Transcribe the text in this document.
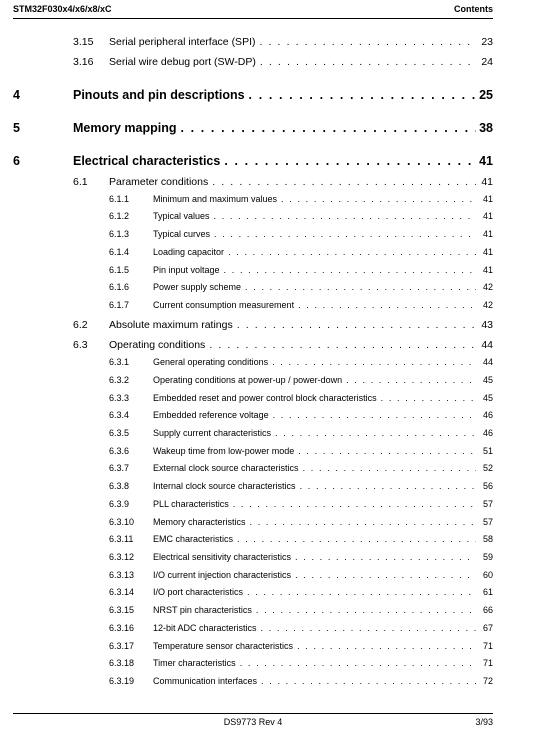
STM32F030x4/x6/x8/xC	Contents
3.15 Serial peripheral interface (SPI) . . .	23
3.16 Serial wire debug port (SW-DP) . . .	24
4	Pinouts and pin descriptions . . .	25
5	Memory mapping . . .	38
6	Electrical characteristics . . .	41
6.1 Parameter conditions . . .	41
6.1.1	Minimum and maximum values . . .	41
6.1.2	Typical values . . .	41
6.1.3	Typical curves . . .	41
6.1.4	Loading capacitor . . .	41
6.1.5	Pin input voltage . . .	41
6.1.6	Power supply scheme . . .	42
6.1.7	Current consumption measurement . . .	42
6.2 Absolute maximum ratings . . .	43
6.3 Operating conditions . . .	44
6.3.1	General operating conditions . . .	44
6.3.2	Operating conditions at power-up / power-down . . .	45
6.3.3	Embedded reset and power control block characteristics . . .	45
6.3.4	Embedded reference voltage . . .	46
6.3.5	Supply current characteristics . . .	46
6.3.6	Wakeup time from low-power mode . . .	51
6.3.7	External clock source characteristics . . .	52
6.3.8	Internal clock source characteristics . . .	56
6.3.9	PLL characteristics . . .	57
6.3.10 Memory characteristics . . .	57
6.3.11 EMC characteristics . . .	58
6.3.12 Electrical sensitivity characteristics . . .	59
6.3.13 I/O current injection characteristics . . .	60
6.3.14 I/O port characteristics . . .	61
6.3.15 NRST pin characteristics . . .	66
6.3.16 12-bit ADC characteristics . . .	67
6.3.17 Temperature sensor characteristics . . .	71
6.3.18 Timer characteristics . . .	71
6.3.19 Communication interfaces . . .	72
DS9773 Rev 4	3/93
